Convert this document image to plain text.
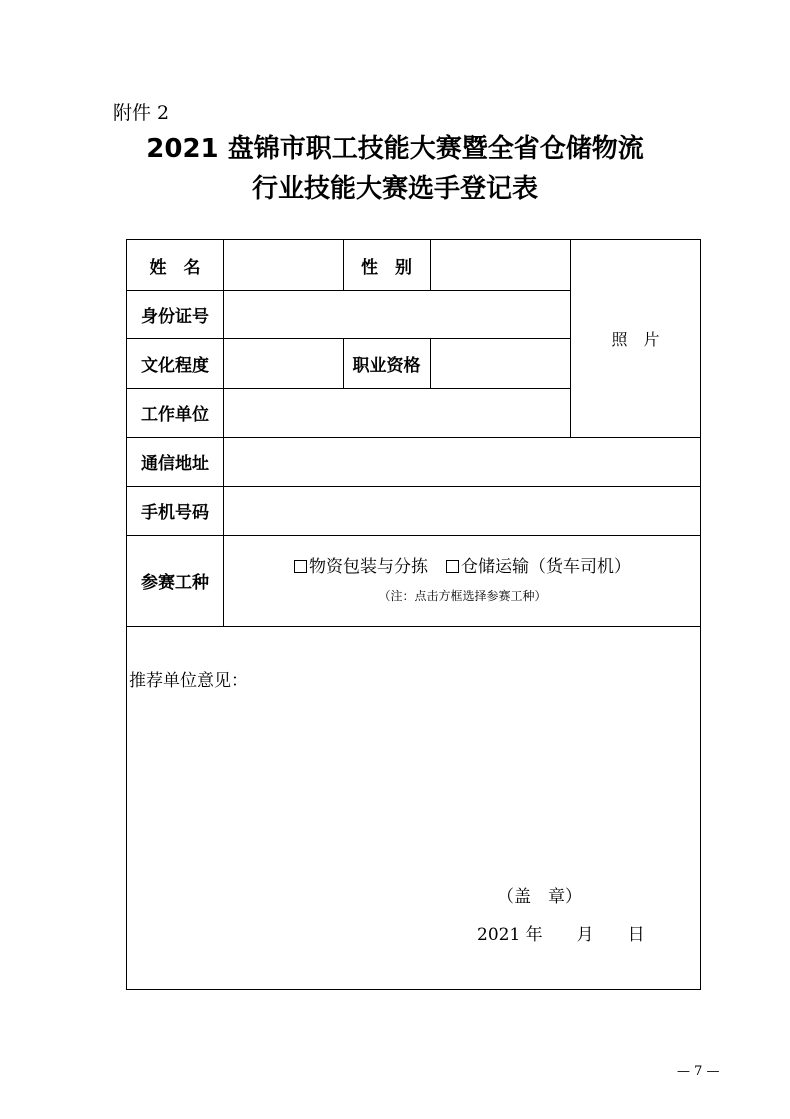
附件 2
2021 盘锦市职工技能大赛暨全省仓储物流
行业技能大赛选手登记表
姓　名	性　别
身份证号
文化程度	职业资格
工作单位
通信地址
手机号码
参赛工种
照　片
物资包装与分拣 仓储运输（货车司机）
（注：点击方框选择参赛工种）
推荐单位意见：
（盖　章）
2021 年　　月　　日
— 7 —
